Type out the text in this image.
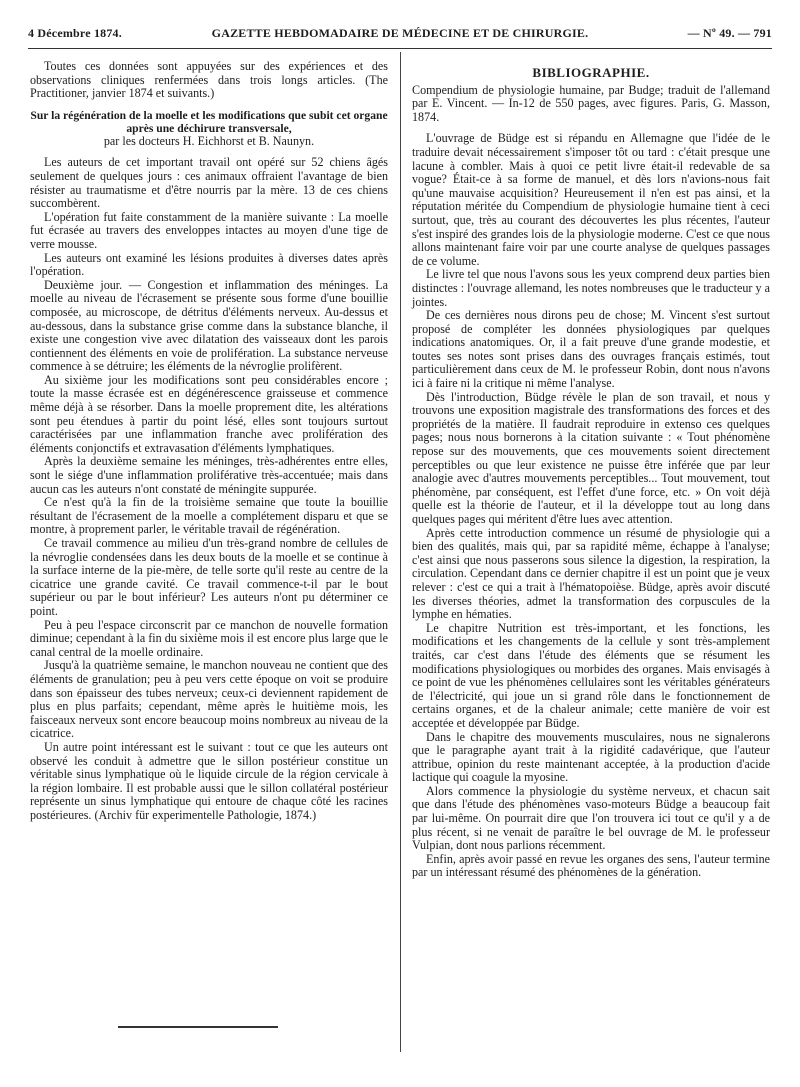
4 Décembre 1874.	GAZETTE HEBDOMADAIRE DE MÉDECINE ET DE CHIRURGIE.	— Nº 49. — 791

Toutes ces données sont appuyées sur des expériences et des observations cliniques renfermées dans trois longs articles. (The Practitioner, janvier 1874 et suivants.)

Sur la régénération de la moelle et les modifications que subit cet organe après une déchirure transversale,
par les docteurs H. Eichhorst et B. Naunyn.

Les auteurs de cet important travail ont opéré sur 52 chiens âgés seulement de quelques jours : ces animaux offraient l'avantage de bien résister au traumatisme et d'être nourris par la mère. 13 de ces chiens succombèrent.

L'opération fut faite constamment de la manière suivante : La moelle fut écrasée au travers des enveloppes intactes au moyen d'une tige de verre mousse.

Les auteurs ont examiné les lésions produites à diverses dates après l'opération.

Deuxième jour. — Congestion et inflammation des méninges. La moelle au niveau de l'écrasement se présente sous forme d'une bouillie composée, au microscope, de détritus d'éléments nerveux. Au-dessus et au-dessous, dans la substance grise comme dans la substance blanche, il existe une congestion vive avec dilatation des vaisseaux dont les parois contiennent des éléments en voie de prolifération. La substance nerveuse commence à se détruire; les éléments de la névroglie prolifèrent.

Au sixième jour les modifications sont peu considérables encore ; toute la masse écrasée est en dégénérescence graisseuse et commence même déjà à se résorber. Dans la moelle proprement dite, les altérations sont peu étendues à partir du point lésé, elles sont toujours surtout caractérisées par une inflammation franche avec prolifération des éléments conjonctifs et extravasation d'éléments lymphatiques.

Après la deuxième semaine les méninges, très-adhérentes entre elles, sont le siége d'une inflammation proliférative très-accentuée; mais dans aucun cas les auteurs n'ont constaté de méningite suppurée.

Ce n'est qu'à la fin de la troisième semaine que toute la bouillie résultant de l'écrasement de la moelle a complétement disparu et que se montre, à proprement parler, le véritable travail de régénération.

Ce travail commence au milieu d'un très-grand nombre de cellules de la névroglie condensées dans les deux bouts de la moelle et se continue à la surface interne de la pie-mère, de telle sorte qu'il reste au centre de la cicatrice une grande cavité. Ce travail commence-t-il par le bout supérieur ou par le bout inférieur? Les auteurs n'ont pu déterminer ce point.

Peu à peu l'espace circonscrit par ce manchon de nouvelle formation diminue; cependant à la fin du sixième mois il est encore plus large que le canal central de la moelle ordinaire.

Jusqu'à la quatrième semaine, le manchon nouveau ne contient que des éléments de granulation; peu à peu vers cette époque on voit se produire dans son épaisseur des tubes nerveux; ceux-ci deviennent rapidement de plus en plus parfaits; cependant, même après le huitième mois, les faisceaux nerveux sont encore beaucoup moins nombreux au niveau de la cicatrice.

Un autre point intéressant est le suivant : tout ce que les auteurs ont observé les conduit à admettre que le sillon postérieur constitue un véritable sinus lymphatique où le liquide circule de la région cervicale à la région lombaire. Il est probable aussi que le sillon collatéral postérieur représente un sinus lymphatique qui entoure de chaque côté les racines postérieures. (Archiv für experimentelle Pathologie, 1874.)

BIBLIOGRAPHIE.

Compendium de physiologie humaine, par Budge; traduit de l'allemand par E. Vincent. — In-12 de 550 pages, avec figures. Paris, G. Masson, 1874.

L'ouvrage de Büdge est si répandu en Allemagne que l'idée de le traduire devait nécessairement s'imposer tôt ou tard : c'était presque une lacune à combler. Mais à quoi ce petit livre était-il redevable de sa vogue? Était-ce à sa forme de manuel, et dès lors n'avions-nous fait qu'une mauvaise acquisition? Heureusement il n'en est pas ainsi, et la réputation méritée du Compendium de physiologie humaine tient à ceci surtout, que, très au courant des découvertes les plus récentes, l'auteur s'est inspiré des grandes lois de la physiologie moderne. C'est ce que nous allons maintenant faire voir par une courte analyse de quelques passages de ce volume.

Le livre tel que nous l'avons sous les yeux comprend deux parties bien distinctes : l'ouvrage allemand, les notes nombreuses que le traducteur y a jointes.

De ces dernières nous dirons peu de chose; M. Vincent s'est surtout proposé de compléter les données physiologiques par quelques indications anatomiques. Or, il a fait preuve d'une grande modestie, et toutes ses notes sont prises dans des ouvrages français estimés, tout particulièrement dans ceux de M. le professeur Robin, dont nous n'avons ici à faire ni la critique ni même l'analyse.

Dès l'introduction, Büdge révèle le plan de son travail, et nous y trouvons une exposition magistrale des transformations des forces et des propriétés de la matière. Il faudrait reproduire in extenso ces quelques pages; nous nous bornerons à la citation suivante : « Tout phénomène repose sur des mouvements, que ces mouvements soient directement perceptibles ou que leur existence ne puisse être inférée que par leur analogie avec d'autres mouvements perceptibles... Tout mouvement, tout phénomène, par conséquent, est l'effet d'une force, etc. » On voit déjà quelle est la théorie de l'auteur, et il la développe tout au long dans quelques pages qui méritent d'être lues avec attention.

Après cette introduction commence un résumé de physiologie qui a bien des qualités, mais qui, par sa rapidité même, échappe à l'analyse; c'est ainsi que nous passerons sous silence la digestion, la respiration, la circulation. Cependant dans ce dernier chapitre il est un point que je veux relever : c'est ce qui a trait à l'hématopoièse. Büdge, après avoir discuté les diverses théories, admet la transformation des corpuscules de la lymphe en hématies.

Le chapitre Nutrition est très-important, et les fonctions, les modifications et les changements de la cellule y sont très-amplement traités, car c'est dans l'étude des éléments que se résument les modifications physiologiques ou morbides des organes. Mais envisagés à ce point de vue les phénomènes cellulaires sont les véritables générateurs de l'électricité, qui joue un si grand rôle dans le fonctionnement de certains organes, et de la chaleur animale; cette manière de voir est acceptée et développée par Büdge.

Dans le chapitre des mouvements musculaires, nous ne signalerons que le paragraphe ayant trait à la rigidité cadavérique, que l'auteur attribue, opinion du reste maintenant acceptée, à la production d'acide lactique qui coagule la myosine.

Alors commence la physiologie du système nerveux, et chacun sait que dans l'étude des phénomènes vaso-moteurs Büdge a beaucoup fait par lui-même. On pourrait dire que l'on trouvera ici tout ce qu'il y a de plus récent, si ne venait de paraître le bel ouvrage de M. le professeur Vulpian, dont nous parlions récemment.

Enfin, après avoir passé en revue les organes des sens, l'auteur termine par un intéressant résumé des phénomènes de la génération.
